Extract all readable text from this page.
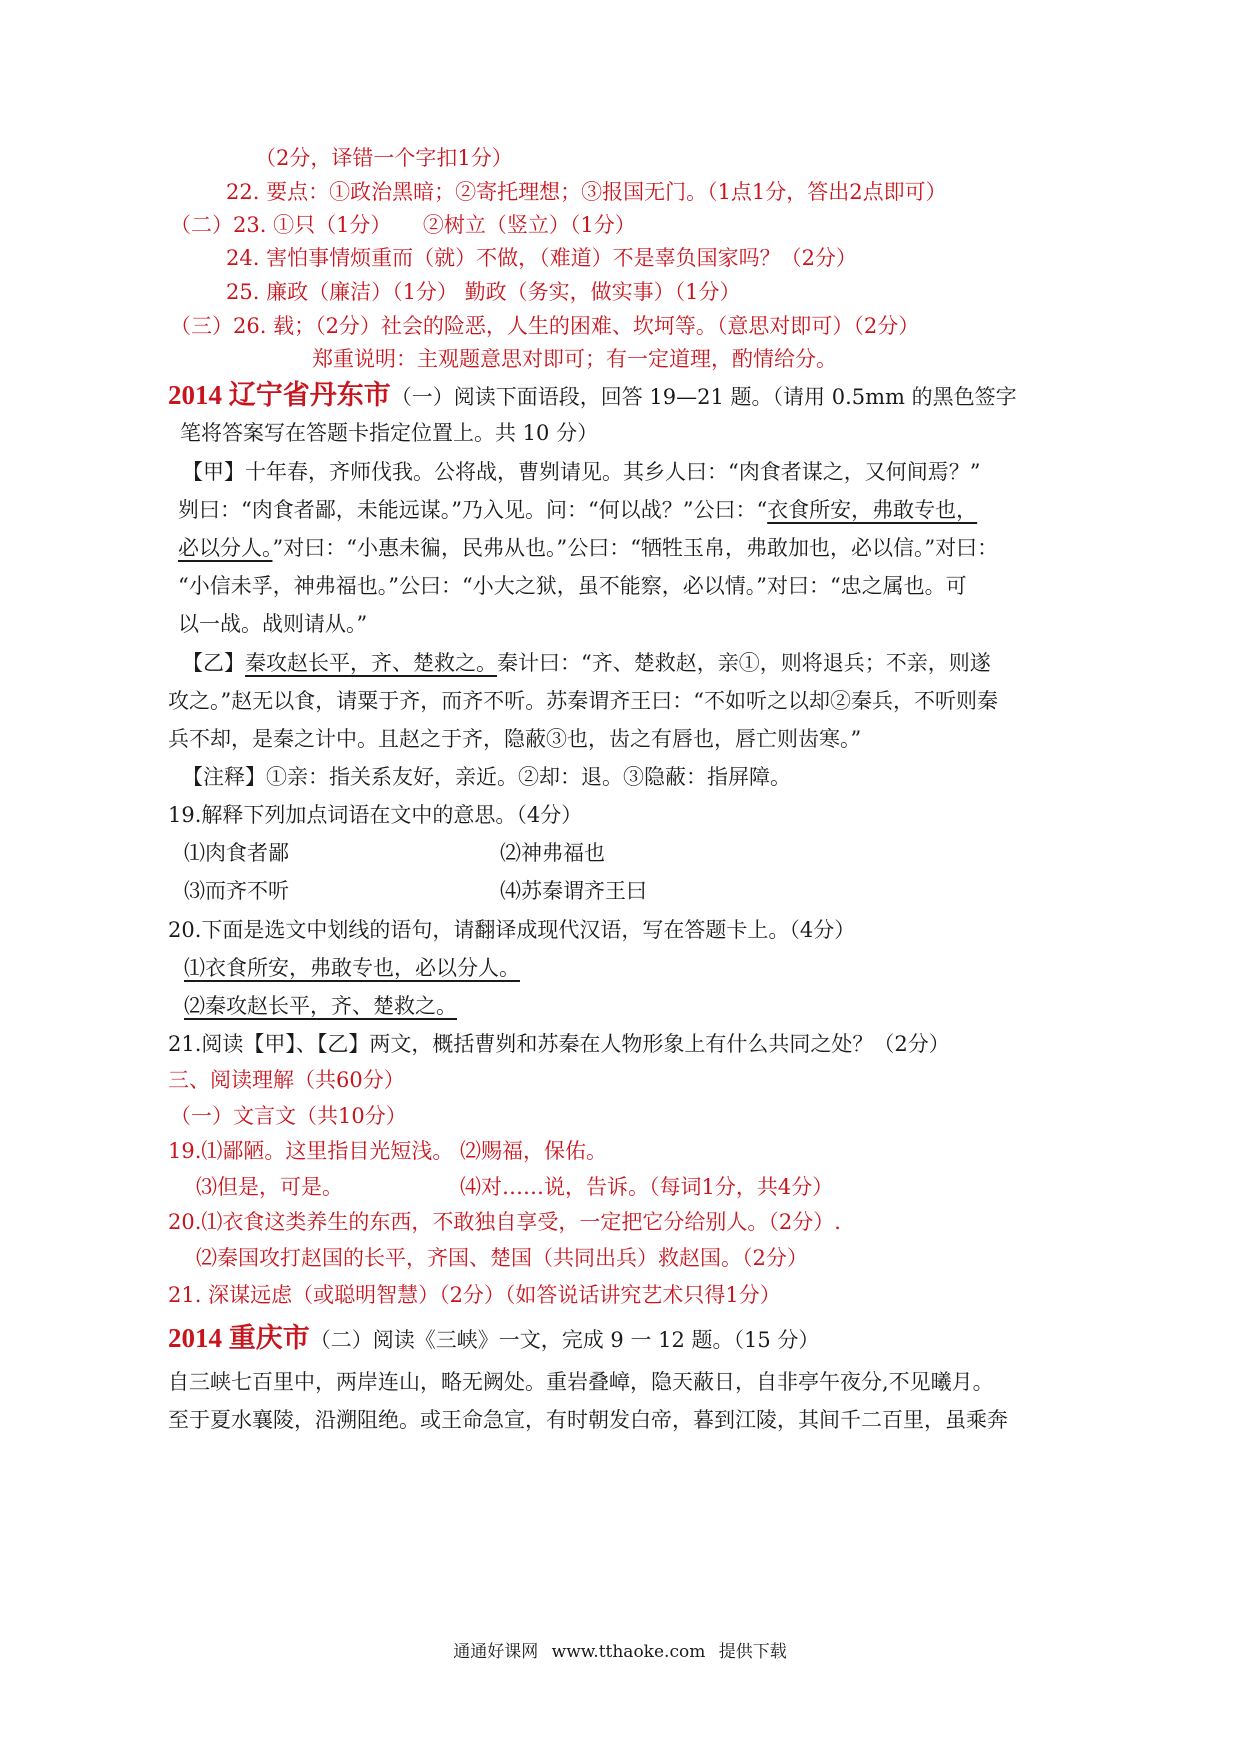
（2分，译错一个字扣1分）
22. 要点：①政治黑暗；②寄托理想；③报国无门。（1点1分，答出2点即可）
（二）23. ①只（1分）　　②树立（竖立）（1分）
24. 害怕事情烦重而（就）不做，（难道）不是辜负国家吗？（2分）
25. 廉政（廉洁）（1分） 勤政（务实，做实事）（1分）
（三）26. 载；（2分）社会的险恶，人生的困难、坎坷等。（意思对即可）（2分）
郑重说明：主观题意思对即可；有一定道理，酌情给分。
2014 辽宁省丹东市（一）阅读下面语段，回答 19—21 题。（请用 0.5mm 的黑色签字
笔将答案写在答题卡指定位置上。共 10 分）
【甲】十年春，齐师伐我。公将战，曹刿请见。其乡人曰：“肉食者谋之，又何间焉？”
刿曰：“肉食者鄙，未能远谋。”乃入见。问：“何以战？”公曰：“衣食所安，弗敢专也，
必以分人。”对曰：“小惠未徧，民弗从也。”公曰：“牺牲玉帛，弗敢加也，必以信。”对曰：
“小信未孚，神弗福也。”公曰：“小大之狱，虽不能察，必以情。”对曰：“忠之属也。可
以一战。战则请从。”
【乙】秦攻赵长平，齐、楚救之。秦计曰：“齐、楚救赵，亲①，则将退兵；不亲，则遂
攻之。”赵无以食，请粟于齐，而齐不听。苏秦谓齐王曰：“不如听之以却②秦兵，不听则秦
兵不却，是秦之计中。且赵之于齐，隐蔽③也，齿之有唇也，唇亡则齿寒。”
【注释】①亲：指关系友好，亲近。②却：退。③隐蔽：指屏障。
19.解释下列加点词语在文中的意思。（4分）
⑴肉食者鄙	⑵神弗福也
⑶而齐不听	⑷苏秦谓齐王曰
20.下面是选文中划线的语句，请翻译成现代汉语，写在答题卡上。（4分）
⑴衣食所安，弗敢专也，必以分人。
⑵秦攻赵长平，齐、楚救之。
21.阅读【甲】、【乙】两文，概括曹刿和苏秦在人物形象上有什么共同之处？（2分）
三、阅读理解（共60分）
（一）文言文（共10分）
19.⑴鄙陋。这里指目光短浅。 ⑵赐福，保佑。
⑶但是，可是。	⑷对……说，告诉。（每词1分，共4分）
20.⑴衣食这类养生的东西，不敢独自享受，一定把它分给别人。（2分）.
⑵秦国攻打赵国的长平，齐国、楚国（共同出兵）救赵国。（2分）
21. 深谋远虑（或聪明智慧）（2分）（如答说话讲究艺术只得1分）
2014 重庆市（二）阅读《三峡》一文，完成 9 一 12 题。（15 分）
自三峡七百里中，两岸连山，略无阙处。重岩叠嶂，隐天蔽日，自非亭午夜分,不见曦月。
至于夏水襄陵，沿溯阻绝。或王命急宣，有时朝发白帝，暮到江陵，其间千二百里，虽乘奔
通通好课网 www.tthaoke.com 提供下载
